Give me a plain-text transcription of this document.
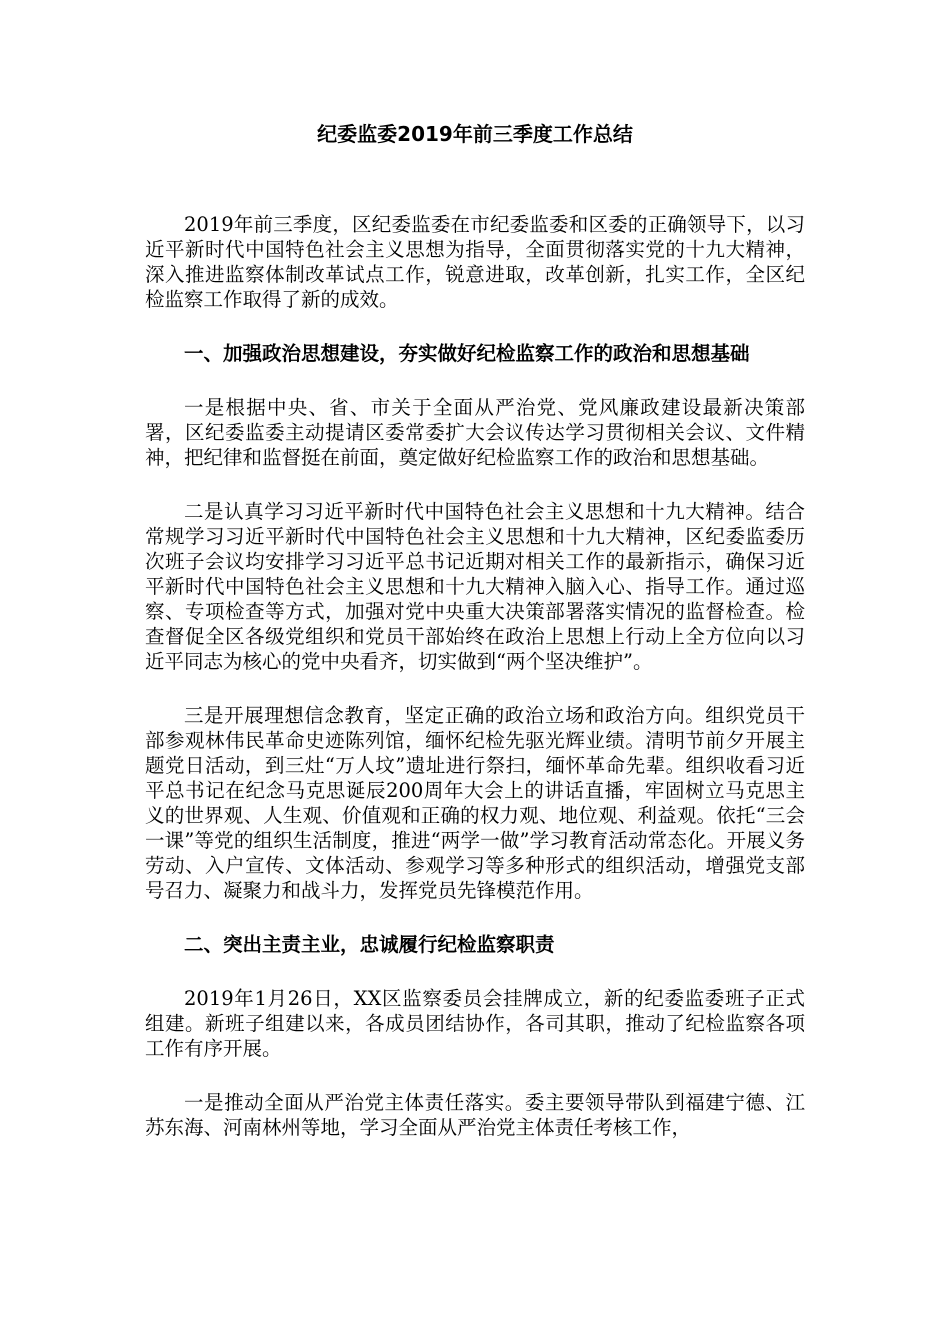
纪委监委2019年前三季度工作总结

2019年前三季度，区纪委监委在市纪委监委和区委的正确领导下，以习近平新时代中国特色社会主义思想为指导，全面贯彻落实党的十九大精神，深入推进监察体制改革试点工作，锐意进取，改革创新，扎实工作，全区纪检监察工作取得了新的成效。

一、加强政治思想建设，夯实做好纪检监察工作的政治和思想基础

一是根据中央、省、市关于全面从严治党、党风廉政建设最新决策部署，区纪委监委主动提请区委常委扩大会议传达学习贯彻相关会议、文件精神，把纪律和监督挺在前面，奠定做好纪检监察工作的政治和思想基础。

二是认真学习习近平新时代中国特色社会主义思想和十九大精神。结合常规学习习近平新时代中国特色社会主义思想和十九大精神，区纪委监委历次班子会议均安排学习习近平总书记近期对相关工作的最新指示，确保习近平新时代中国特色社会主义思想和十九大精神入脑入心、指导工作。通过巡察、专项检查等方式，加强对党中央重大决策部署落实情况的监督检查。检查督促全区各级党组织和党员干部始终在政治上思想上行动上全方位向以习近平同志为核心的党中央看齐，切实做到“两个坚决维护”。

三是开展理想信念教育，坚定正确的政治立场和政治方向。组织党员干部参观林伟民革命史迹陈列馆，缅怀纪检先驱光辉业绩。清明节前夕开展主题党日活动，到三灶“万人坟”遗址进行祭扫，缅怀革命先辈。组织收看习近平总书记在纪念马克思诞辰200周年大会上的讲话直播，牢固树立马克思主义的世界观、人生观、价值观和正确的权力观、地位观、利益观。依托“三会一课”等党的组织生活制度，推进“两学一做”学习教育活动常态化。开展义务劳动、入户宣传、文体活动、参观学习等多种形式的组织活动，增强党支部号召力、凝聚力和战斗力，发挥党员先锋模范作用。

二、突出主责主业，忠诚履行纪检监察职责

2019年1月26日，XX区监察委员会挂牌成立，新的纪委监委班子正式组建。新班子组建以来，各成员团结协作，各司其职，推动了纪检监察各项工作有序开展。

一是推动全面从严治党主体责任落实。委主要领导带队到福建宁德、江苏东海、河南林州等地，学习全面从严治党主体责任考核工作，
